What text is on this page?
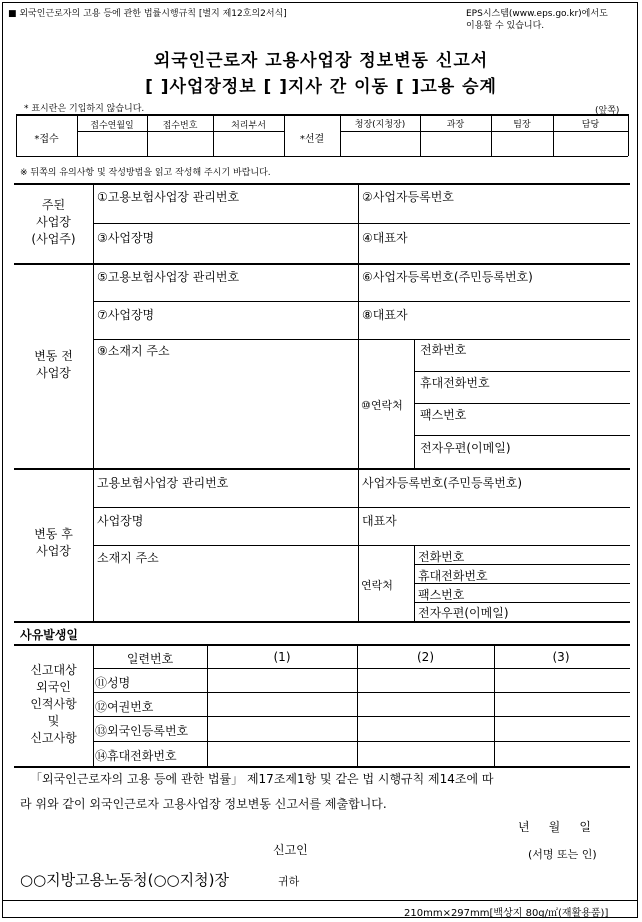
■ 외국인근로자의 고용 등에 관한 법률시행규칙 [별지 제12호의2서식]	EPS시스템(www.eps.go.kr)에서도
이용할 수 있습니다.
외국인근로자 고용사업장 정보변동 신고서
[ ]사업장정보 [ ]지사 간 이동 [ ]고용 승계
* 표시란은 기입하지 않습니다.	(앞쪽)
*접수
접수연월일	접수번호	처리부서
*선결
청장(지청장)	과장	팀장	담당
※ 뒤쪽의 유의사항 및 작성방법을 읽고 작성해 주시기 바랍니다.
주된
사업장
(사업주)
①고용보험사업장 관리번호	②사업자등록번호
③사업장명	④대표자
변동 전
사업장
⑤고용보험사업장 관리번호	⑥사업자등록번호(주민등록번호)
⑦사업장명	⑧대표자
⑨소재지 주소
⑩연락처
전화번호
휴대전화번호
팩스번호
전자우편(이메일)
변동 후
사업장
고용보험사업장 관리번호	사업자등록번호(주민등록번호)
사업장명	대표자
소재지 주소
연락처
전화번호
휴대전화번호
팩스번호
전자우편(이메일)
사유발생일
신고대상
외국인
인적사항
및
신고사항
일련번호	(1)	(2)	(3)
⑪성명
⑫여권번호
⑬외국인등록번호
⑭휴대전화번호
「외국인근로자의 고용 등에 관한 법률」 제17조제1항 및 같은 법 시행규칙 제14조에 따
라 위와 같이 외국인근로자 고용사업장 정보변동 신고서를 제출합니다.
년     월     일
신고인	(서명 또는 인)
○○지방고용노동청(○○지청)장	귀하
210mm×297mm[백상지 80g/㎡(재활용품)]
